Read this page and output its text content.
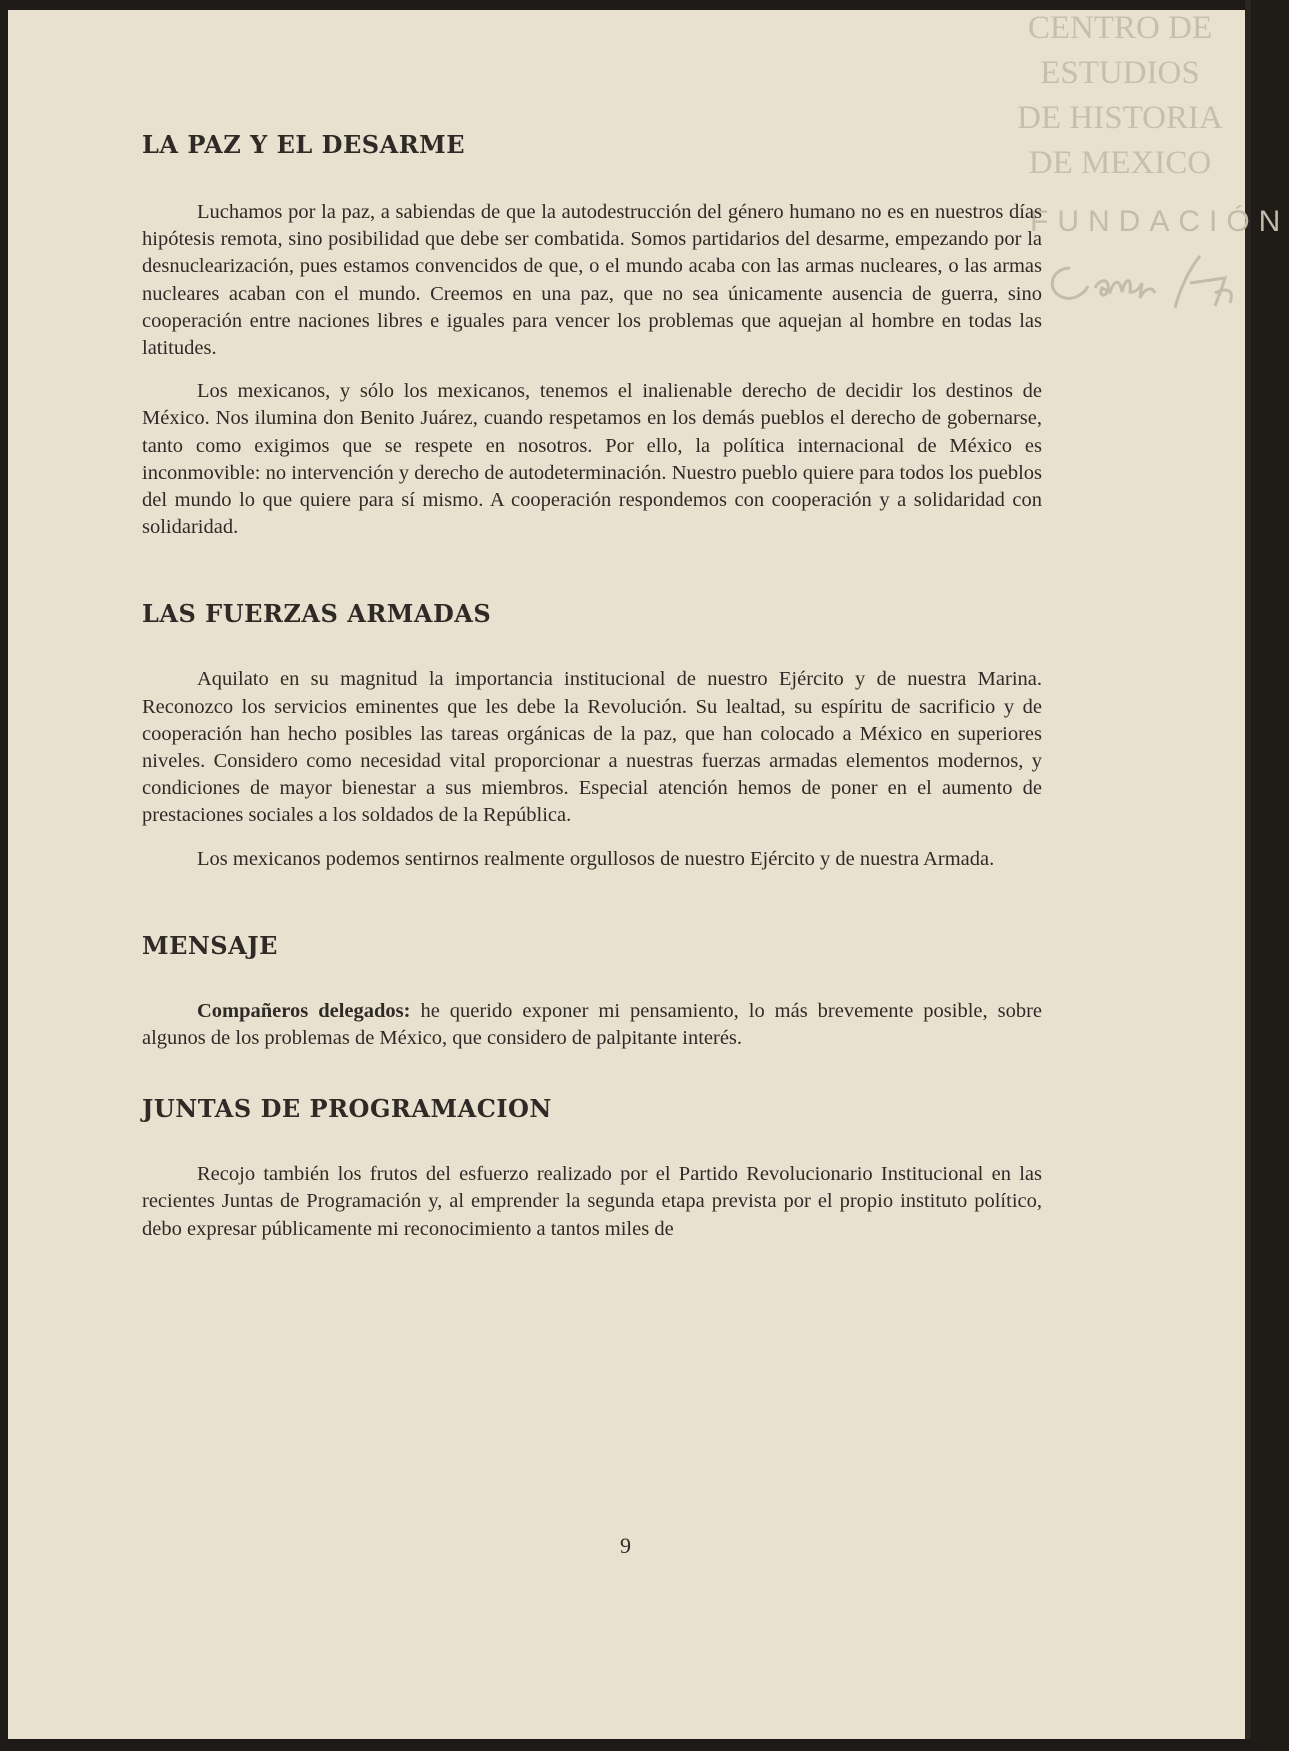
CENTRO DE
ESTUDIOS
DE HISTORIA
DE MEXICO
FUNDACIÓN
LA PAZ Y EL DESARME

Luchamos por la paz, a sabiendas de que la autodestrucción del género humano no es en nuestros días hipótesis remota, sino posibilidad que debe ser combatida. Somos partidarios del desarme, empezando por la desnuclearización, pues estamos convencidos de que, o el mundo acaba con las armas nucleares, o las armas nucleares acaban con el mundo. Creemos en una paz, que no sea únicamente ausencia de guerra, sino cooperación entre naciones libres e iguales para vencer los problemas que aquejan al hombre en todas las latitudes.

Los mexicanos, y sólo los mexicanos, tenemos el inalienable derecho de decidir los destinos de México. Nos ilumina don Benito Juárez, cuando respetamos en los demás pueblos el derecho de gobernarse, tanto como exigimos que se respete en nosotros. Por ello, la política internacional de México es inconmovible: no intervención y derecho de autodeterminación. Nuestro pueblo quiere para todos los pueblos del mundo lo que quiere para sí mismo. A cooperación respondemos con cooperación y a solidaridad con solidaridad.

LAS FUERZAS ARMADAS

Aquilato en su magnitud la importancia institucional de nuestro Ejército y de nuestra Marina. Reconozco los servicios eminentes que les debe la Revolución. Su lealtad, su espíritu de sacrificio y de cooperación han hecho posibles las tareas orgánicas de la paz, que han colocado a México en superiores niveles. Considero como necesidad vital proporcionar a nuestras fuerzas armadas elementos modernos, y condiciones de mayor bienestar a sus miembros. Especial atención hemos de poner en el aumento de prestaciones sociales a los soldados de la República.

Los mexicanos podemos sentirnos realmente orgullosos de nuestro Ejército y de nuestra Armada.

MENSAJE

Compañeros delegados: he querido exponer mi pensamiento, lo más brevemente posible, sobre algunos de los problemas de México, que considero de palpitante interés.

JUNTAS DE PROGRAMACION

Recojo también los frutos del esfuerzo realizado por el Partido Revolucionario Institucional en las recientes Juntas de Programación y, al emprender la segunda etapa prevista por el propio instituto político, debo expresar públicamente mi reconocimiento a tantos miles de

9
